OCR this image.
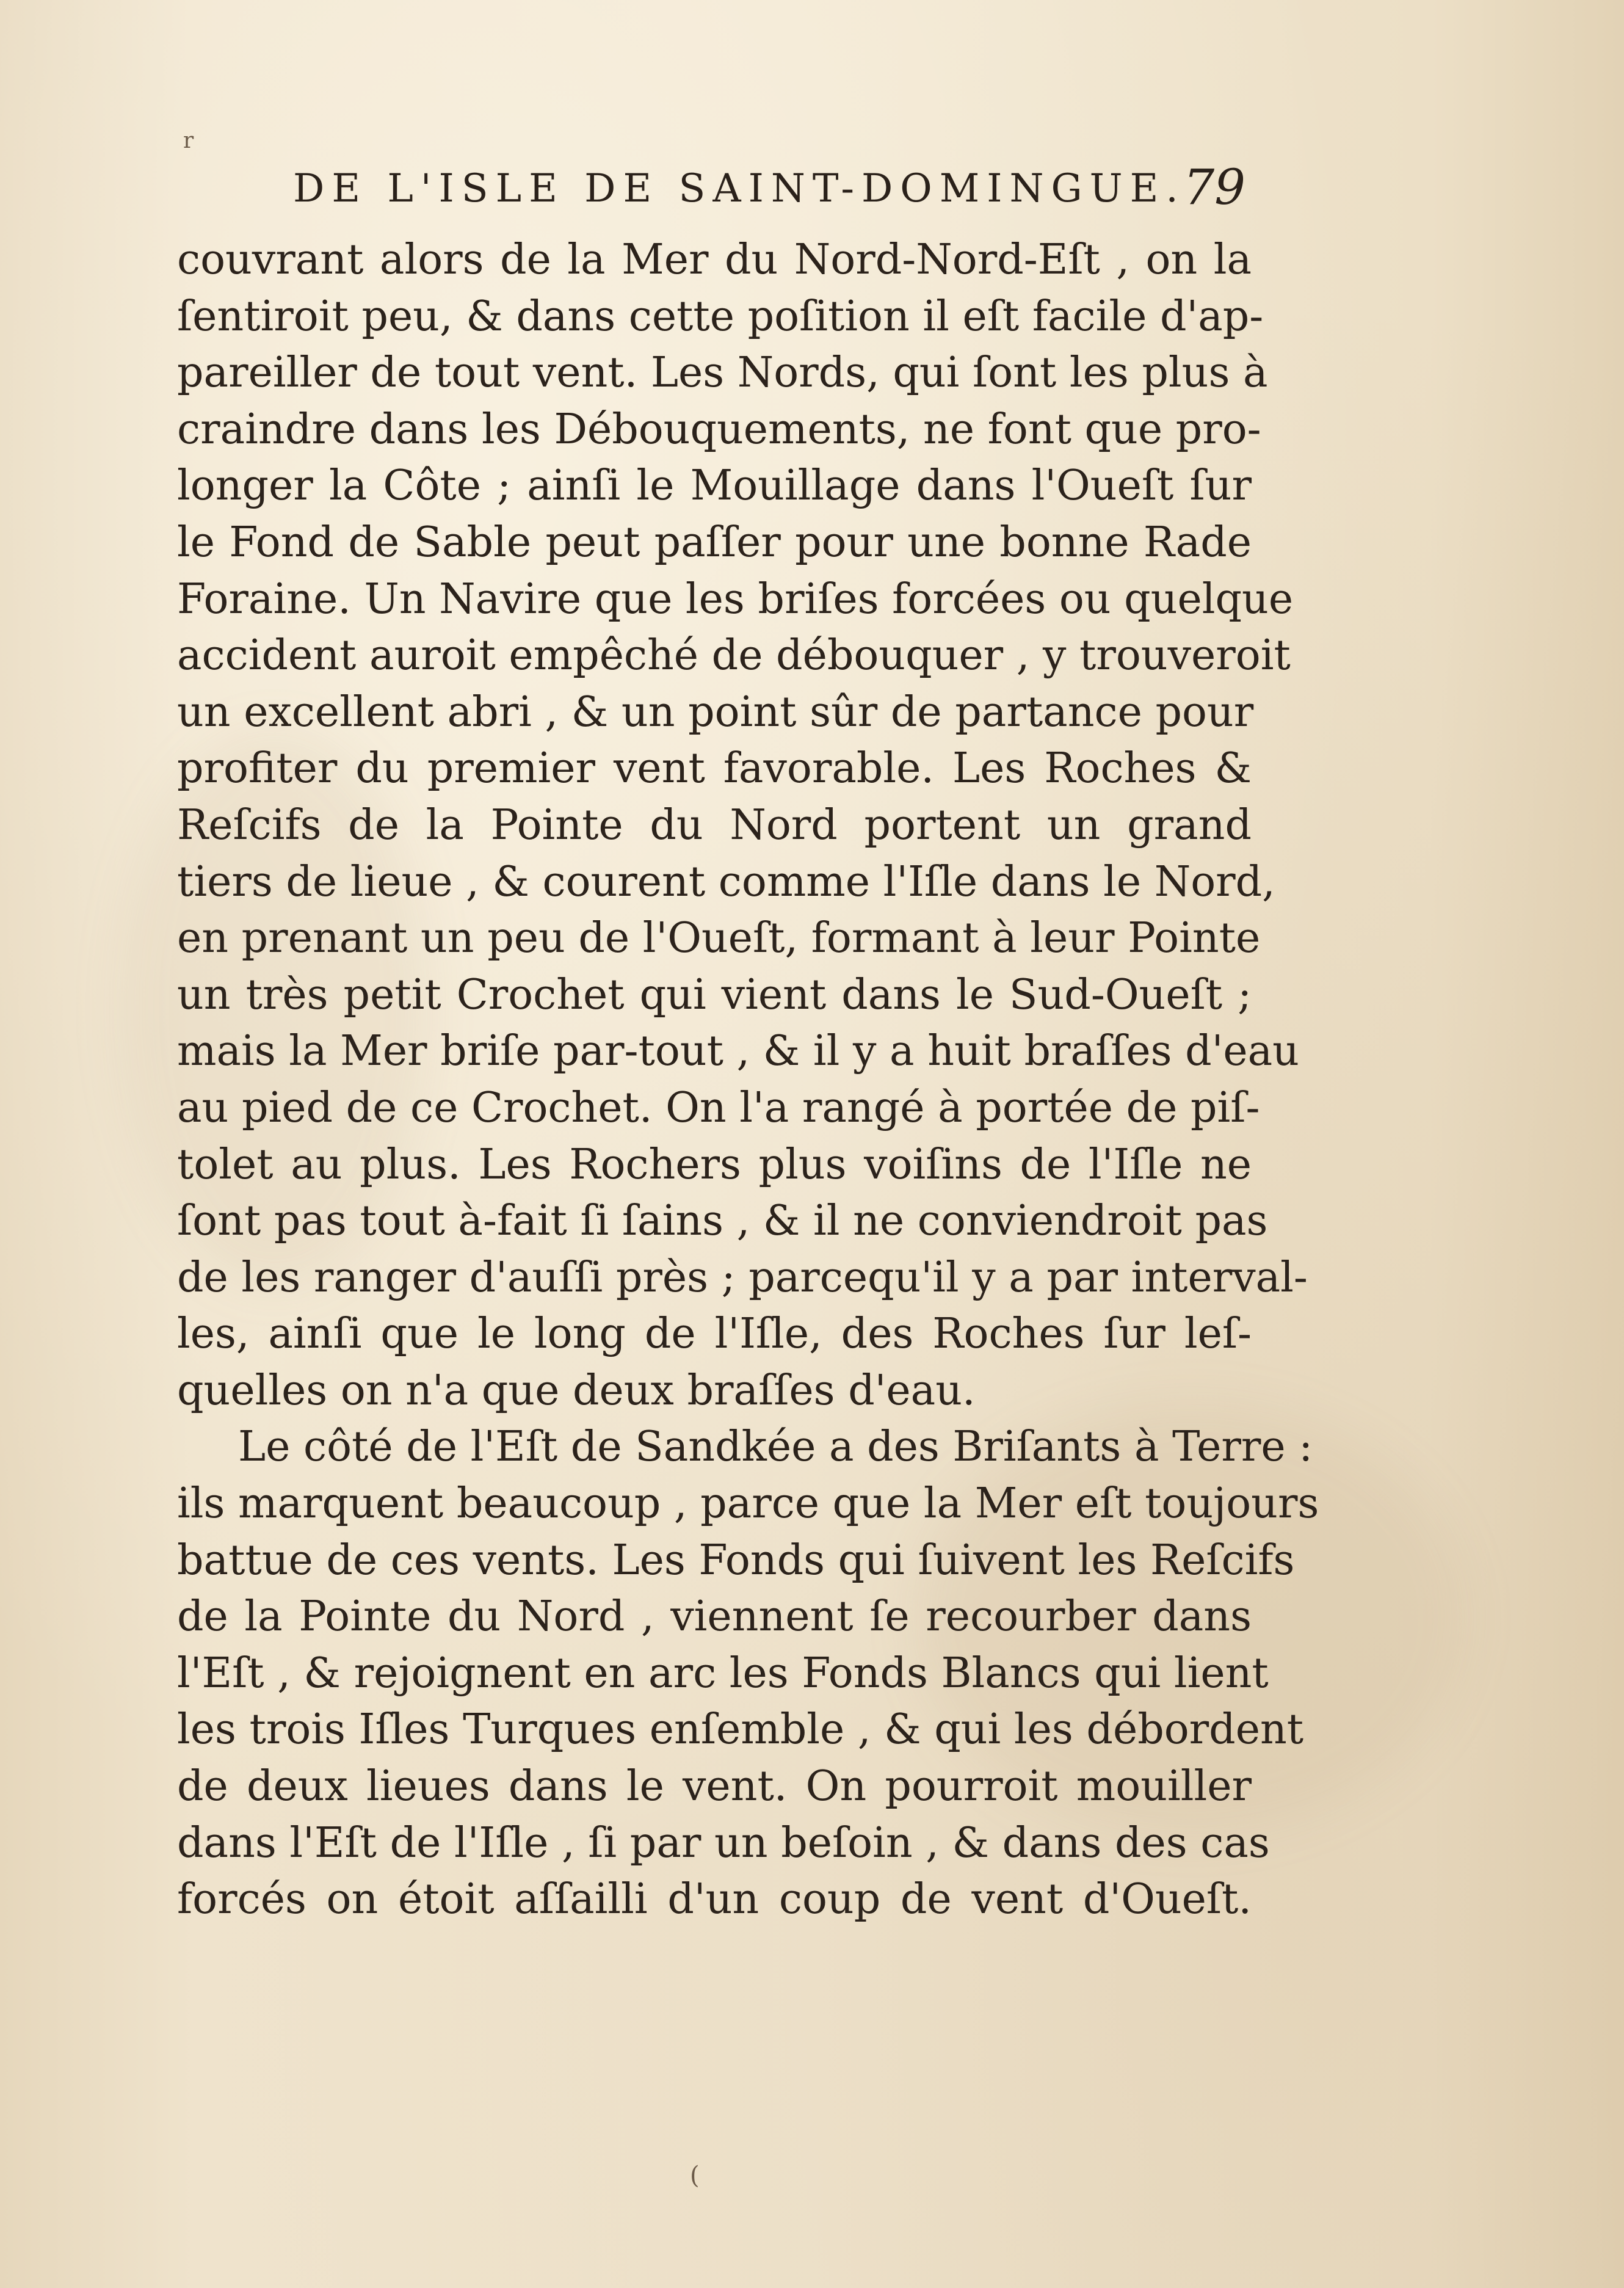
r
DE L'ISLE DE SAINT-DOMINGUE.
79
couvrant alors de la Mer du Nord-Nord-Eſt , on la
ſentiroit peu, & dans cette poſition il eſt facile d'ap-
pareiller de tout vent. Les Nords, qui ſont les plus à
craindre dans les Débouquements, ne font que pro-
longer la Côte ; ainſi le Mouillage dans l'Oueſt ſur
le Fond de Sable peut paſſer pour une bonne Rade
Foraine. Un Navire que les briſes forcées ou quelque
accident auroit empêché de débouquer , y trouveroit
un excellent abri , & un point sûr de partance pour
profiter du premier vent favorable. Les Roches &
Reſcifs de la Pointe du Nord portent un grand
tiers de lieue , & courent comme l'Iſle dans le Nord,
en prenant un peu de l'Oueſt, formant à leur Pointe
un très petit Crochet qui vient dans le Sud-Oueſt ;
mais la Mer briſe par-tout , & il y a huit braſſes d'eau
au pied de ce Crochet. On l'a rangé à portée de piſ-
tolet au plus. Les Rochers plus voiſins de l'Iſle ne
ſont pas tout à-fait ſi ſains , & il ne conviendroit pas
de les ranger d'auſſi près ; parcequ'il y a par interval-
les, ainſi que le long de l'Iſle, des Roches ſur leſ-
quelles on n'a que deux braſſes d'eau.
Le côté de l'Eſt de Sandkée a des Briſants à Terre :
ils marquent beaucoup , parce que la Mer eſt toujours
battue de ces vents. Les Fonds qui ſuivent les Reſcifs
de la Pointe du Nord , viennent ſe recourber dans
l'Eſt , & rejoignent en arc les Fonds Blancs qui lient
les trois Iſles Turques enſemble , & qui les débordent
de deux lieues dans le vent. On pourroit mouiller
dans l'Eſt de l'Iſle , ſi par un beſoin , & dans des cas
forcés on étoit aſſailli d'un coup de vent d'Oueſt.
(
